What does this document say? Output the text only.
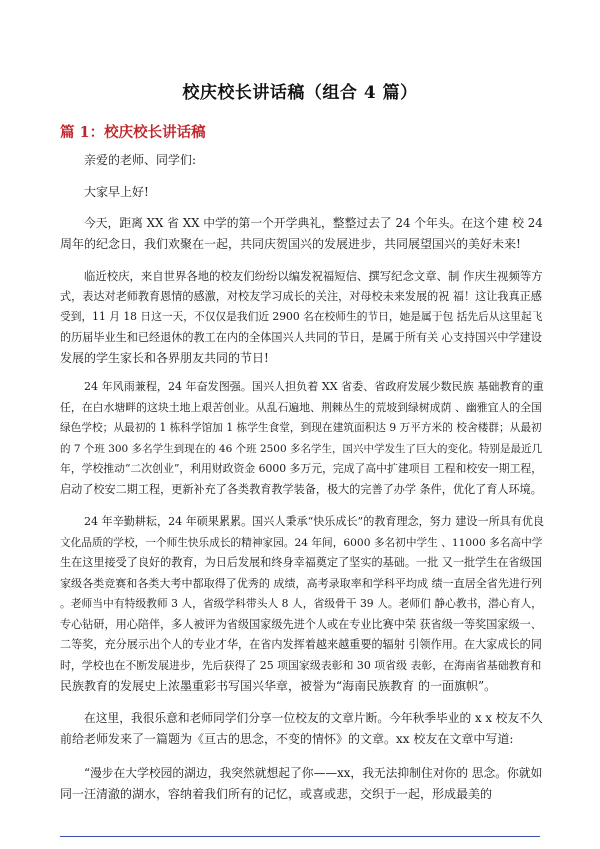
校庆校长讲话稿（组合 4 篇）
篇 1：校庆校长讲话稿
亲爱的老师、同学们:
大家早上好!
今天，距离 XX 省 XX 中学的第一个开学典礼，整整过去了 24 个年头。在这个建 校 24
周年的纪念日，我们欢聚在一起，共同庆贺国兴的发展进步，共同展望国兴的美好未来!
临近校庆，来自世界各地的校友们纷纷以编发祝福短信、撰写纪念文章、制 作庆生视频等方
式，表达对老师教育恩情的感激，对校友学习成长的关注，对母校未来发展的祝 福！这让我真正感
受到，11 月 18 日这一天，不仅仅是我们近 2900 名在校师生的节日，她是属于包 括先后从这里起飞
的历届毕业生和已经退休的教工在内的全体国兴人共同的节日，是属于所有关 心支持国兴中学建设
发展的学生家长和各界朋友共同的节日!
24 年风雨兼程，24 年奋发图强。国兴人担负着 XX 省委、省政府发展少数民族 基础教育的重
任，在白水塘畔的这块土地上艰苦创业。从乱石遍地、荆棘丛生的荒坡到绿树成荫 、幽雅宜人的全国
绿色学校；从最初的 1 栋科学馆加 1 栋学生食堂，到现在建筑面积达 9 万平方米的 校舍楼群；从最初
的 7 个班 300 多名学生到现在的 46 个班 2500 多名学生，国兴中学发生了巨大的变化。特别是最近几
年，学校推动“二次创业”，利用财政资金 6000 多万元，完成了高中扩建项目 工程和校安一期工程，
启动了校安二期工程，更新补充了各类教育教学装备，极大的完善了办学 条件，优化了育人环境。
24 年辛勤耕耘，24 年硕果累累。国兴人秉承“快乐成长”的教育理念，努力 建设一所具有优良
文化品质的学校，一个师生快乐成长的精神家园。24 年间，6000 多名初中学生 、11000 多名高中学
生在这里接受了良好的教育，为日后发展和终身幸福奠定了坚实的基础。一批 又一批学生在省级国
家级各类竞赛和各类大考中都取得了优秀的 成绩，高考录取率和学科平均成 绩一直居全省先进行列
。老师当中有特级教师 3 人，省级学科带头人 8 人，省级骨干 39 人。老师们 静心教书，潜心育人，
专心钻研，用心陪伴，多人被评为省级国家级先进个人或在专业比赛中荣 获省级一等奖国家级一、
二等奖，充分展示出个人的专业才华，在省内发挥着越来越重要的辐射 引领作用。在大家成长的同
时，学校也在不断发展进步，先后获得了 25 项国家级表彰和 30 项省级 表彰，在海南省基础教育和
民族教育的发展史上浓墨重彩书写国兴华章，被誉为“海南民族教育 的一面旗帜”。
在这里，我很乐意和老师同学们分享一位校友的文章片断。今年秋季毕业的 x x 校友不久
前给老师发来了一篇题为《亘古的思念，不变的情怀》的文章。xx 校友在文章中写道:
“漫步在大学校园的湖边，我突然就想起了你——xx，我无法抑制住对你的 思念。你就如
同一汪清澈的湖水，容纳着我们所有的记忆，或喜或悲，交织于一起，形成最美的
